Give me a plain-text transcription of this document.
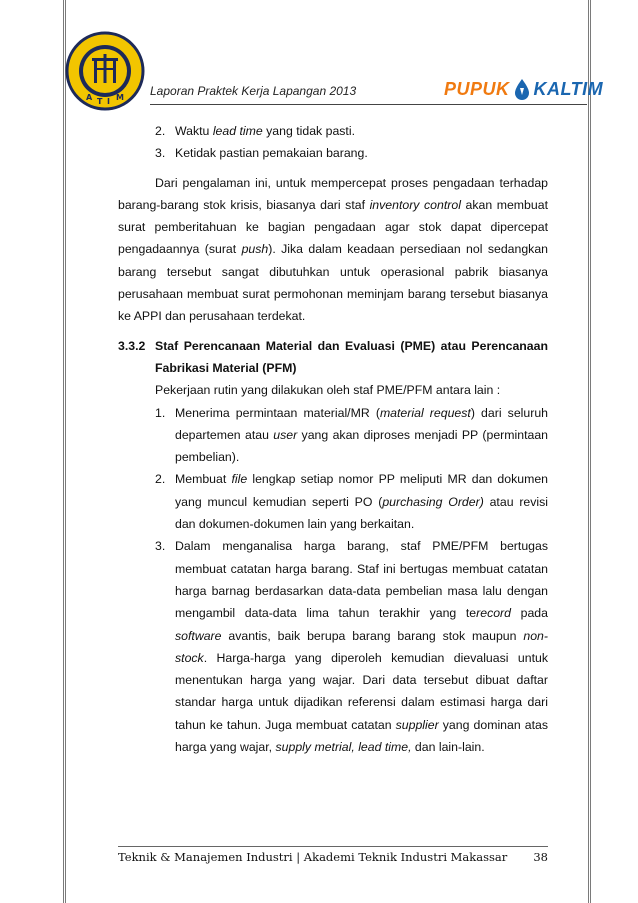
A T I M Laporan Praktek Kerja Lapangan 2013	PUPUK KALTIM
2. Waktu lead time yang tidak pasti.
3. Ketidak pastian pemakaian barang.

Dari pengalaman ini, untuk mempercepat proses pengadaan terhadap barang-barang stok krisis, biasanya dari staf inventory control akan membuat surat pemberitahuan ke bagian pengadaan agar stok dapat dipercepat pengadaannya (surat push). Jika dalam keadaan persediaan nol sedangkan barang tersebut sangat dibutuhkan untuk operasional pabrik biasanya perusahaan membuat surat permohonan meminjam barang tersebut biasanya ke APPI dan perusahaan terdekat.

3.3.2 Staf Perencanaan Material dan Evaluasi (PME) atau Perencanaan Fabrikasi Material (PFM)

Pekerjaan rutin yang dilakukan oleh staf PME/PFM antara lain :

1. Menerima permintaan material/MR (material request) dari seluruh departemen atau user yang akan diproses menjadi PP (permintaan pembelian).
2. Membuat file lengkap setiap nomor PP meliputi MR dan dokumen yang muncul kemudian seperti PO (purchasing Order) atau revisi dan dokumen-dokumen lain yang berkaitan.
3. Dalam menganalisa harga barang, staf PME/PFM bertugas membuat catatan harga barang. Staf ini bertugas membuat catatan harga barnag berdasarkan data-data pembelian masa lalu dengan mengambil data-data lima tahun terakhir yang terecord pada software avantis, baik berupa barang barang stok maupun non-stock. Harga-harga yang diperoleh kemudian dievaluasi untuk menentukan harga yang wajar. Dari data tersebut dibuat daftar standar harga untuk dijadikan referensi dalam estimasi harga dari tahun ke tahun. Juga membuat catatan supplier yang dominan atas harga yang wajar, supply metrial, lead time, dan lain-lain.
Teknik & Manajemen Industri | Akademi Teknik Industri Makassar 38
